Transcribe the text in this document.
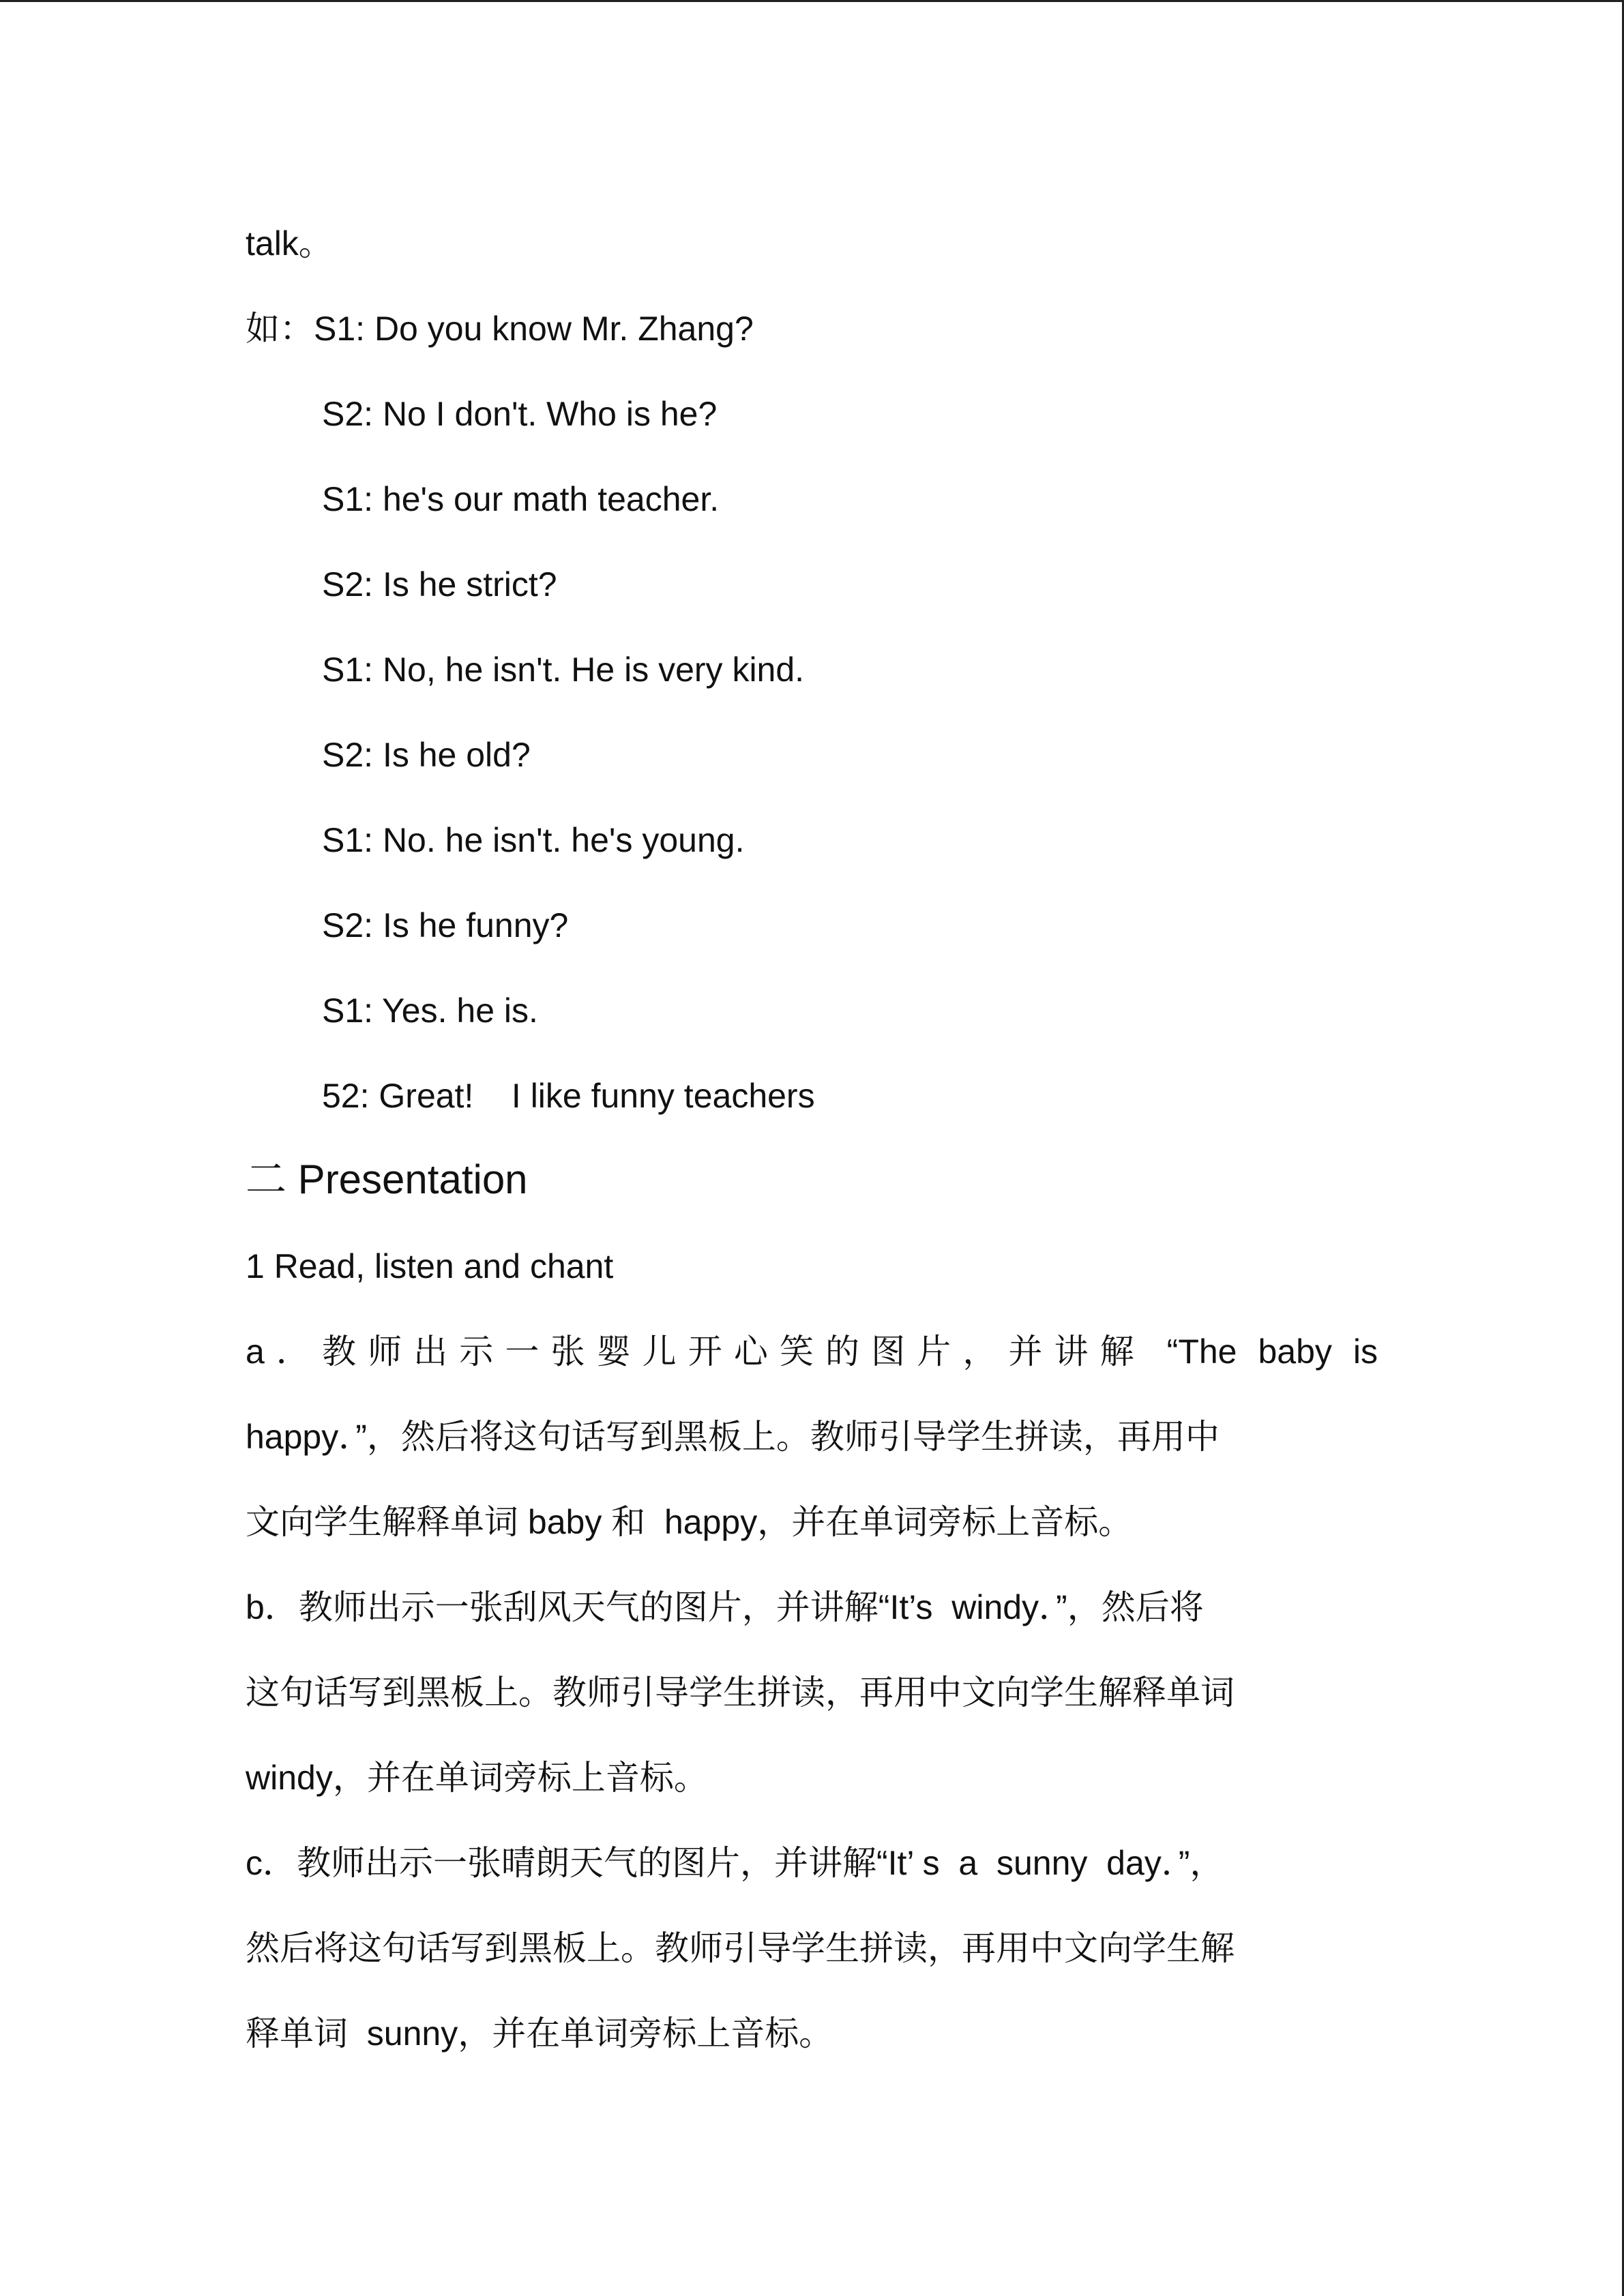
talk。

如：S1: Do you know Mr. Zhang?

S2: No I don't. Who is he?

S1: he's our math teacher.

S2: Is he strict?

S1: No, he isn't. He is very kind.

S2: Is he old?

S1: No. he isn't. he's young.

S2: Is he funny?

S1: Yes. he is.

52: Great!    I like funny teachers

二 Presentation

1 Read, listen and chant

a．教师出示一张婴儿开心笑的图片，并讲解 “The baby is

happy．”，然后将这句话写到黑板上。教师引导学生拼读，再用中

文向学生解释单词 baby 和  happy，并在单词旁标上音标。

b．教师出示一张刮风天气的图片，并讲解“It’s  windy．”，然后将

这句话写到黑板上。教师引导学生拼读，再用中文向学生解释单词

windy，并在单词旁标上音标。

c．教师出示一张晴朗天气的图片，并讲解“It’ s  a  sunny  day．”，

然后将这句话写到黑板上。教师引导学生拼读，再用中文向学生解

释单词  sunny，并在单词旁标上音标。
